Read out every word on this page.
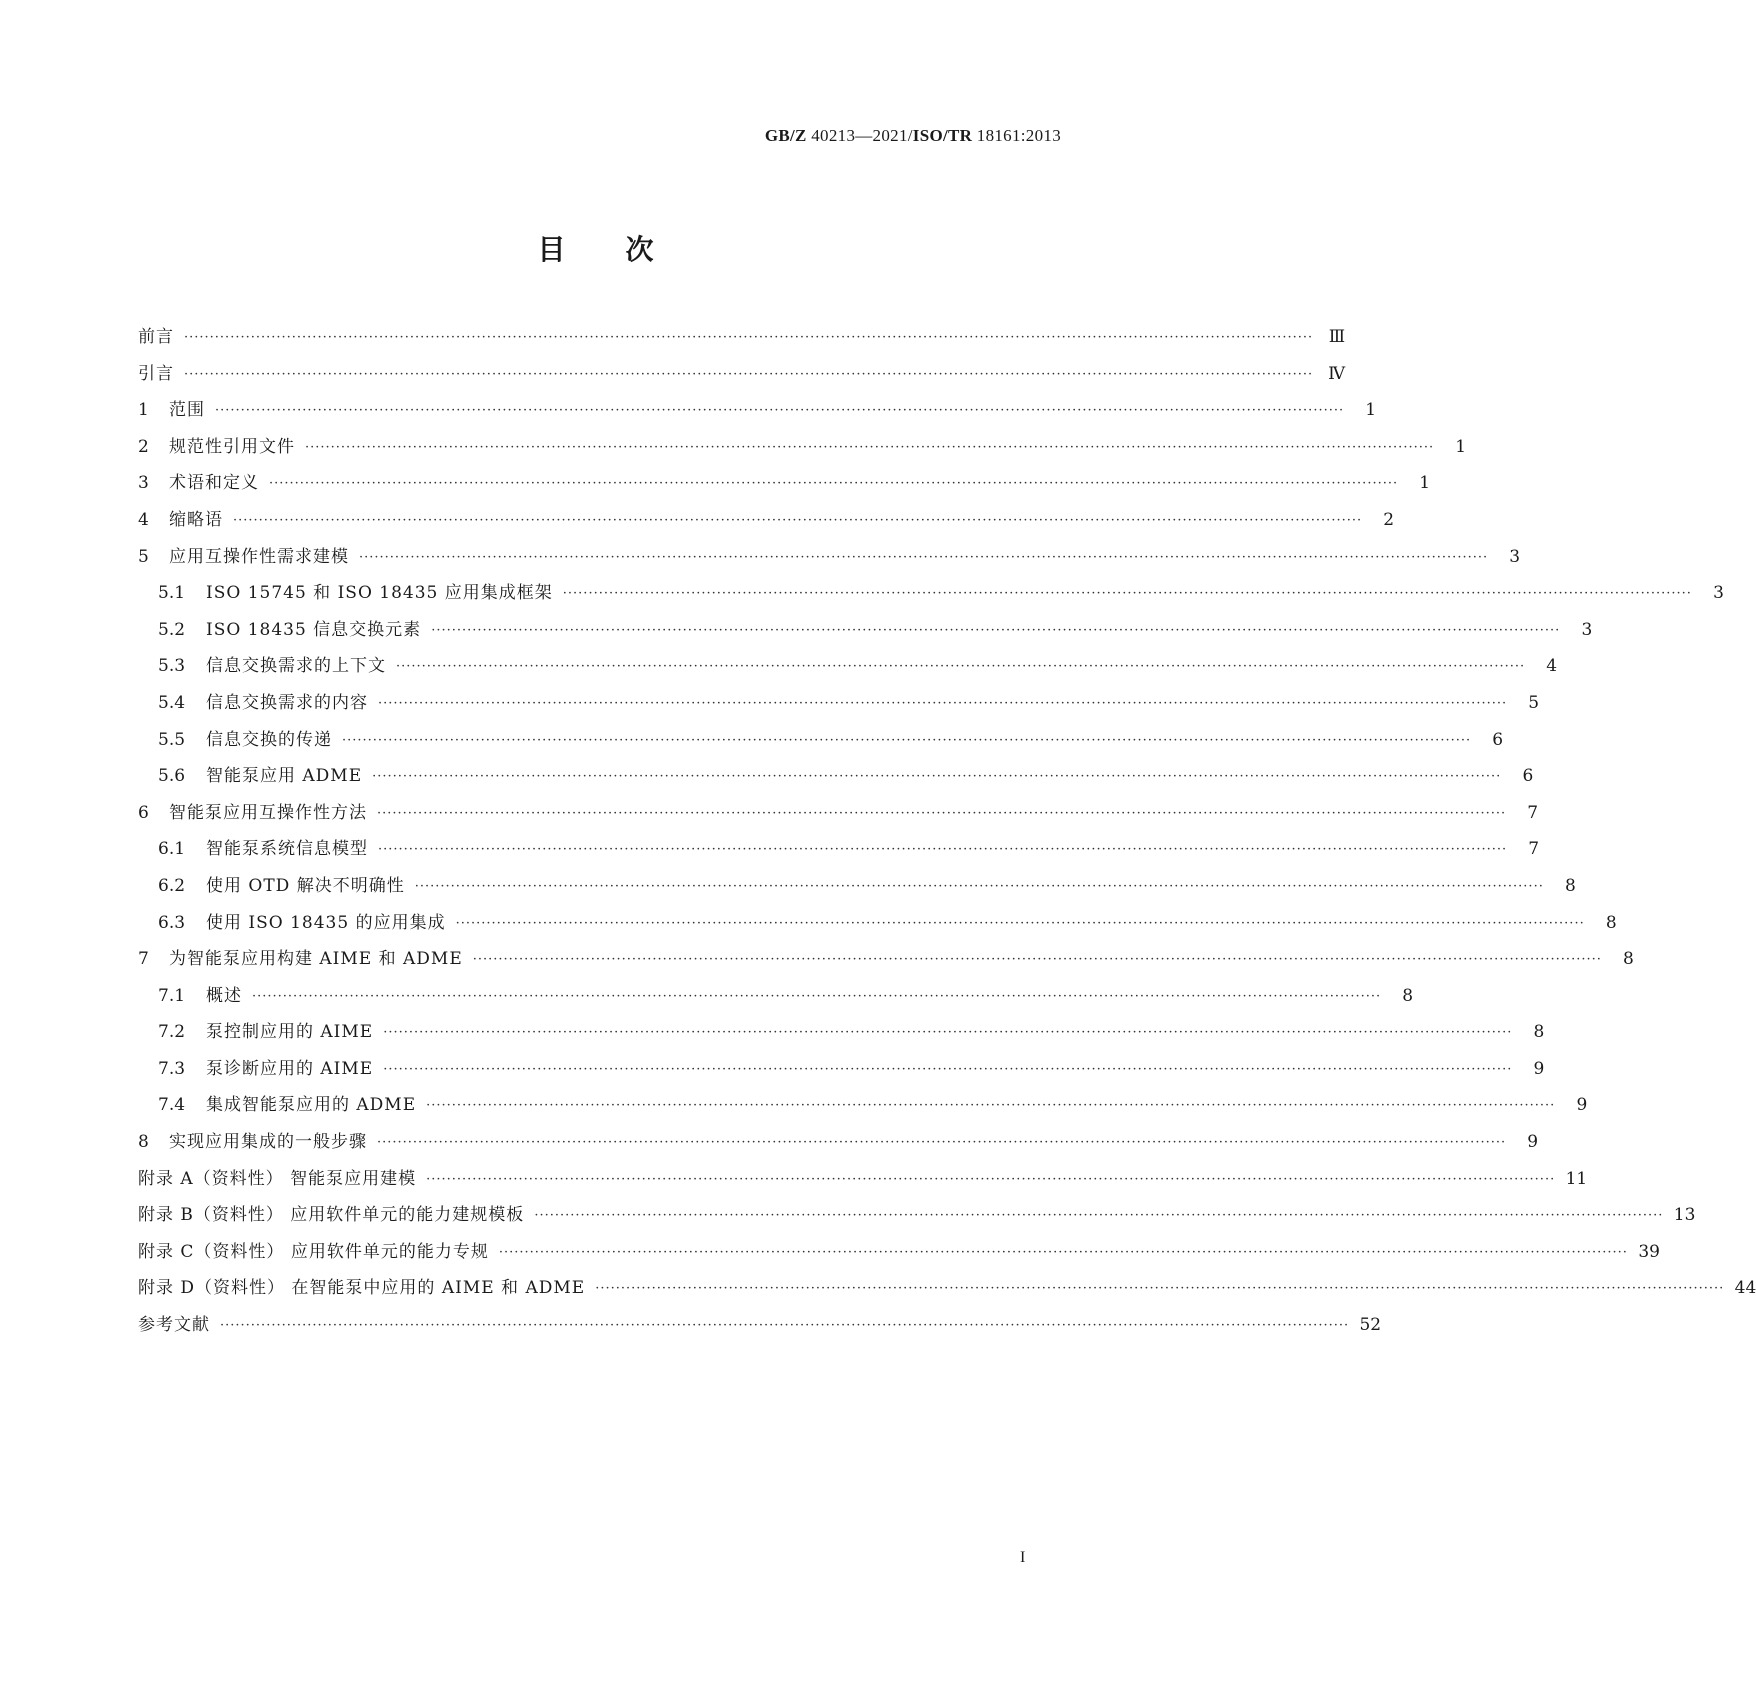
GB/Z 40213—2021/ISO/TR 18161:2013
目次
前言 ···························································································································································································································· Ⅲ
引言 ···························································································································································································································· Ⅳ
1	范围 ····························································································································································································································	1
2	规范性引用文件 ····························································································································································································································	1
3	术语和定义 ····························································································································································································································	1
4	缩略语 ····························································································································································································································	2
5	应用互操作性需求建模 ····························································································································································································································	3
5.1	ISO 15745 和 ISO 18435 应用集成框架 ····························································································································································································································	3
5.2	ISO 18435 信息交换元素 ····························································································································································································································	3
5.3	信息交换需求的上下文 ····························································································································································································································	4
5.4	信息交换需求的内容 ····························································································································································································································	5
5.5	信息交换的传递 ····························································································································································································································	6
5.6	智能泵应用 ADME ····························································································································································································································	6
6	智能泵应用互操作性方法 ····························································································································································································································	7
6.1	智能泵系统信息模型 ····························································································································································································································	7
6.2	使用 OTD 解决不明确性 ····························································································································································································································	8
6.3	使用 ISO 18435 的应用集成 ····························································································································································································································	8
7	为智能泵应用构建 AIME 和 ADME ····························································································································································································································	8
7.1	概述 ····························································································································································································································	8
7.2	泵控制应用的 AIME ····························································································································································································································	8
7.3	泵诊断应用的 AIME ····························································································································································································································	9
7.4	集成智能泵应用的 ADME ····························································································································································································································	9
8	实现应用集成的一般步骤 ····························································································································································································································	9
附录 A（资料性） 智能泵应用建模 ···························································································································································································································· 11
附录 B（资料性） 应用软件单元的能力建规模板 ···························································································································································································································· 13
附录 C（资料性） 应用软件单元的能力专规 ···························································································································································································································· 39
附录 D（资料性） 在智能泵中应用的 AIME 和 ADME ···························································································································································································································· 44
参考文献 ···························································································································································································································· 52
I
